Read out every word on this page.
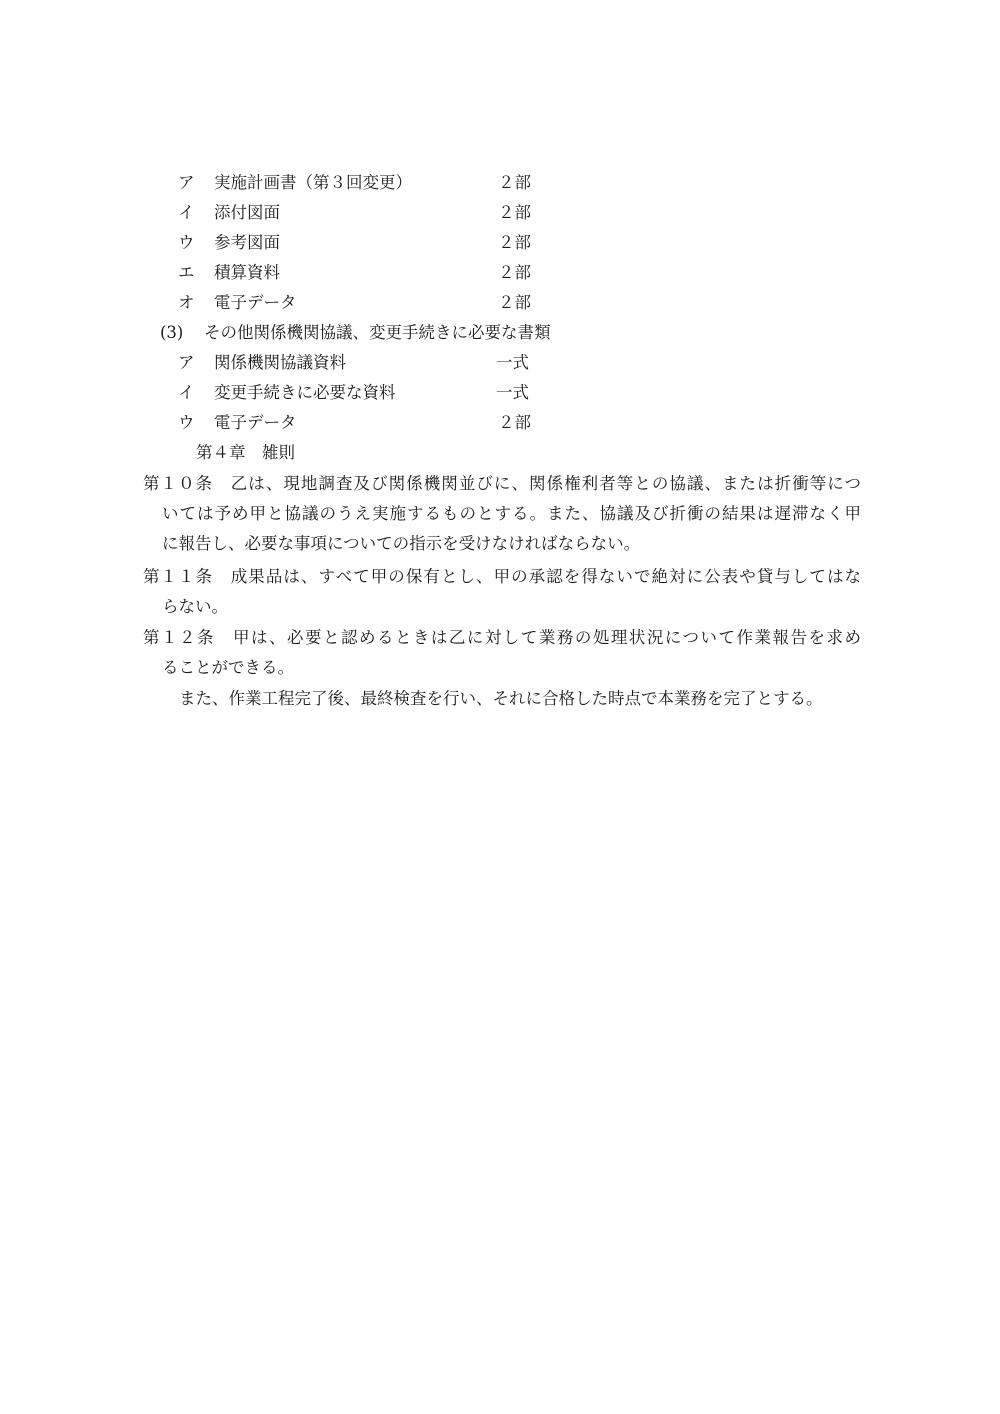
ア 実施計画書（第３回変更）	２部
イ 添付図面	２部
ウ 参考図面	２部
エ 積算資料	２部
オ 電子データ	２部
(3) その他関係機関協議、変更手続きに必要な書類
ア 関係機関協議資料	一式
イ 変更手続きに必要な資料	一式
ウ 電子データ	２部
第４章　雑則
第１０条　乙は、現地調査及び関係機関並びに、関係権利者等との協議、または折衝等につ
いては予め甲と協議のうえ実施するものとする。また、協議及び折衝の結果は遅滞なく甲
に報告し、必要な事項についての指示を受けなければならない。
第１１条　成果品は、すべて甲の保有とし、甲の承認を得ないで絶対に公表や貸与してはな
らない。
第１２条　甲は、必要と認めるときは乙に対して業務の処理状況について作業報告を求め
ることができる。
また、作業工程完了後、最終検査を行い、それに合格した時点で本業務を完了とする。
